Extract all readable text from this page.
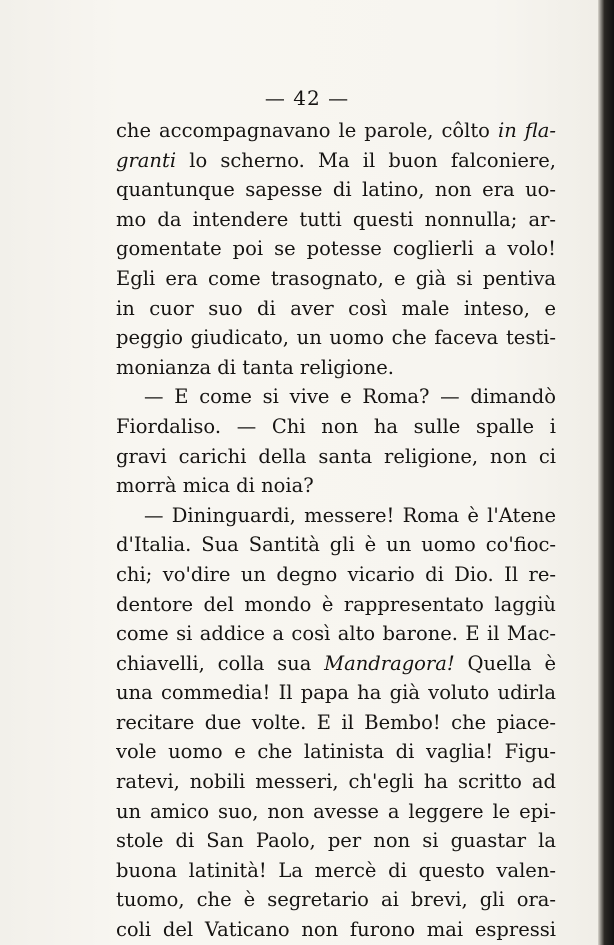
— 42 —
che accompagnavano le parole, côlto in fla-
granti lo scherno. Ma il buon falconiere,
quantunque sapesse di latino, non era uo-
mo da intendere tutti questi nonnulla; ar-
gomentate poi se potesse coglierli a volo!
Egli era come trasognato, e già si pentiva
in cuor suo di aver così male inteso, e
peggio giudicato, un uomo che faceva testi-
monianza di tanta religione.
— E come si vive e Roma? — dimandò
Fiordaliso. — Chi non ha sulle spalle i
gravi carichi della santa religione, non ci
morrà mica di noia?
— Dininguardi, messere! Roma è l'Atene
d'Italia. Sua Santità gli è un uomo co'fioc-
chi; vo'dire un degno vicario di Dio. Il re-
dentore del mondo è rappresentato laggiù
come si addice a così alto barone. E il Mac-
chiavelli, colla sua Mandragora! Quella è
una commedia! Il papa ha già voluto udirla
recitare due volte. E il Bembo! che piace-
vole uomo e che latinista di vaglia! Figu-
ratevi, nobili messeri, ch'egli ha scritto ad
un amico suo, non avesse a leggere le epi-
stole di San Paolo, per non si guastar la
buona latinità! La mercè di questo valen-
tuomo, che è segretario ai brevi, gli ora-
coli del Vaticano non furono mai espressi
